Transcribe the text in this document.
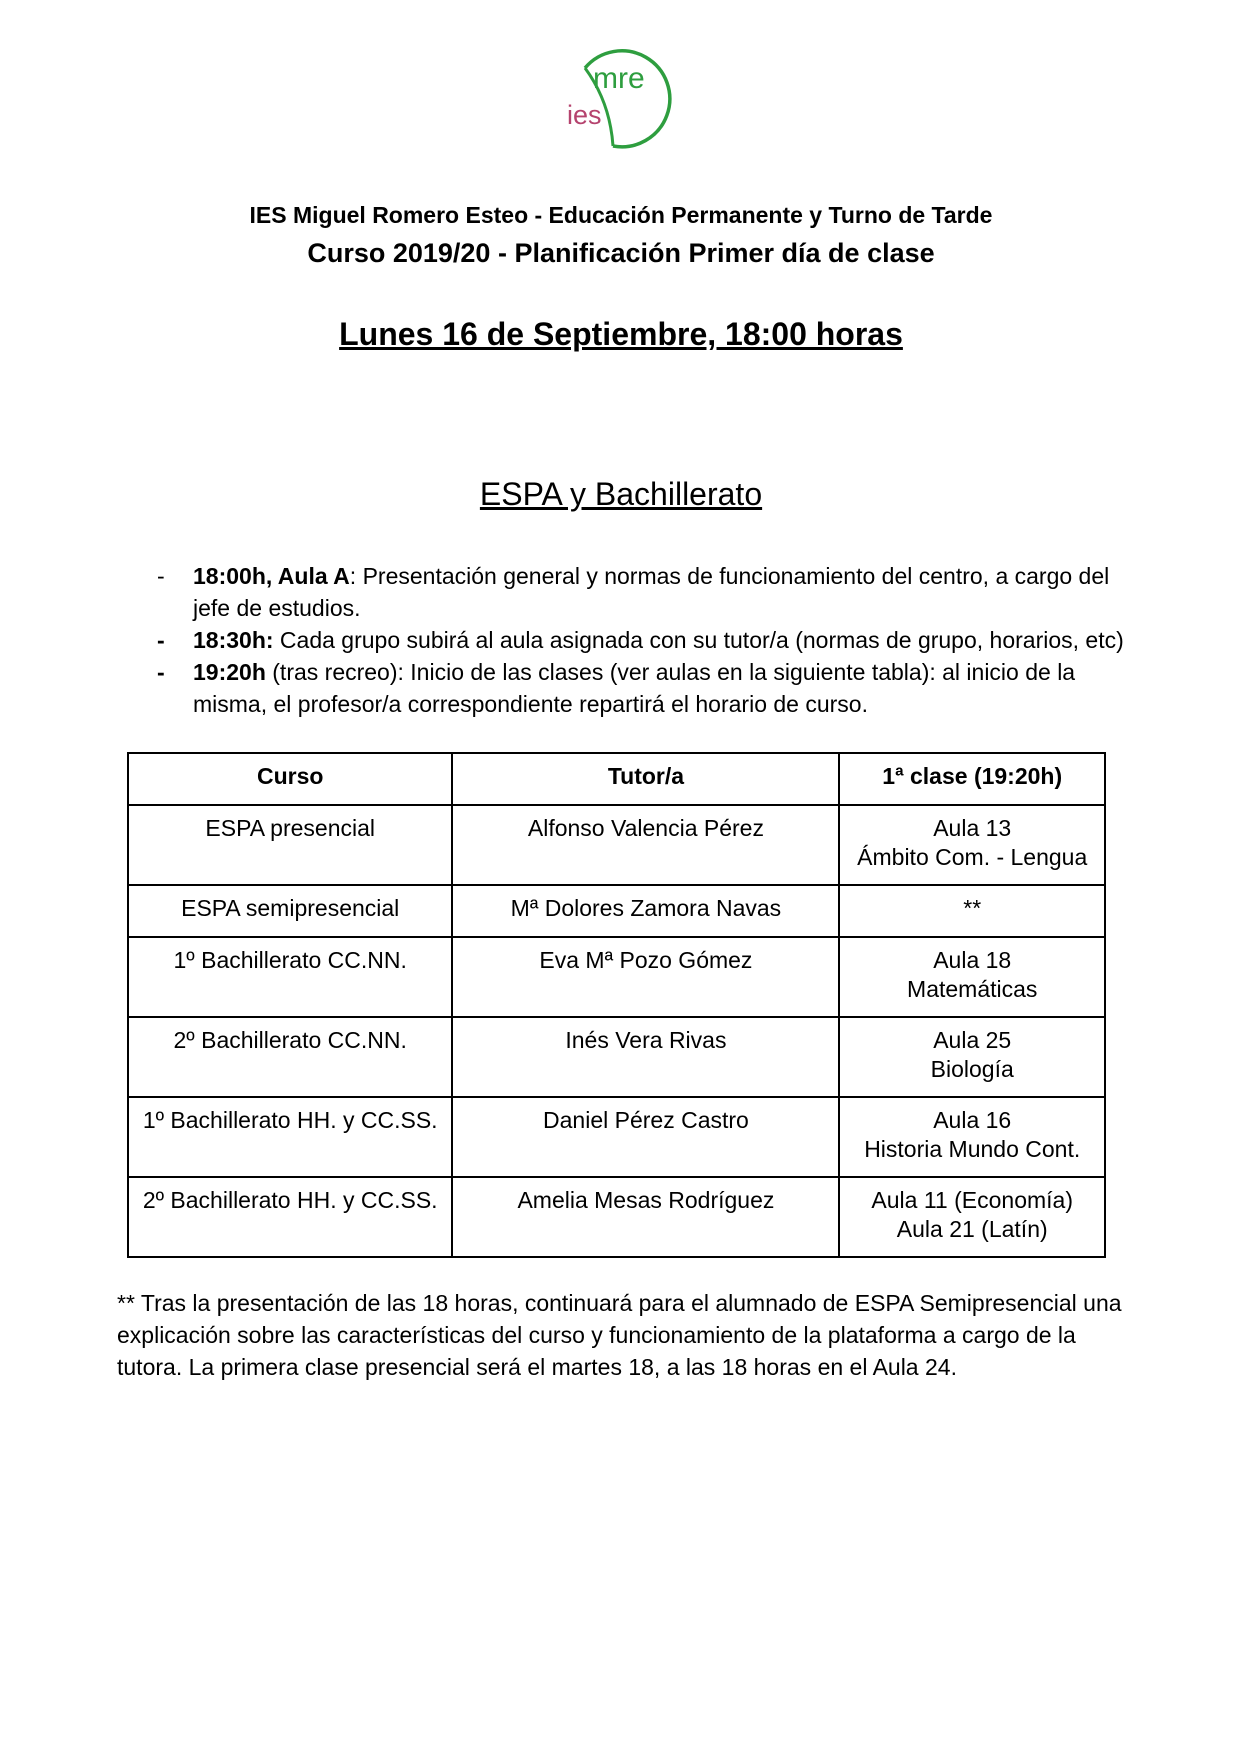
mre
ies
IES Miguel Romero Esteo - Educación Permanente y Turno de Tarde
Curso 2019/20 - Planificación Primer día de clase
Lunes 16 de Septiembre, 18:00 horas
ESPA y Bachillerato

-	18:00h, Aula A: Presentación general y normas de funcionamiento del centro, a cargo del jefe de estudios.

-	18:30h: Cada grupo subirá al aula asignada con su tutor/a (normas de grupo, horarios, etc)

-	19:20h (tras recreo): Inicio de las clases (ver aulas en la siguiente tabla): al inicio de la misma, el profesor/a correspondiente repartirá el horario de curso.

Curso	Tutor/a	1ª clase (19:20h)
ESPA presencial	Alfonso Valencia Pérez	Aula 13
Ámbito Com. - Lengua

ESPA semipresencial	Mª Dolores Zamora Navas	**

1º Bachillerato CC.NN.	Eva Mª Pozo Gómez	Aula 18
Matemáticas

2º Bachillerato CC.NN.	Inés Vera Rivas	Aula 25
Biología

1º Bachillerato HH. y CC.SS.	Daniel Pérez Castro	Aula 16
Historia Mundo Cont.

2º Bachillerato HH. y CC.SS.	Amelia Mesas Rodríguez	Aula 11 (Economía)
Aula 21 (Latín)
** Tras la presentación de las 18 horas, continuará para el alumnado de ESPA Semipresencial una explicación sobre las características del curso y funcionamiento de la plataforma a cargo de la tutora. La primera clase presencial será el martes 18, a las 18 horas en el Aula 24.
